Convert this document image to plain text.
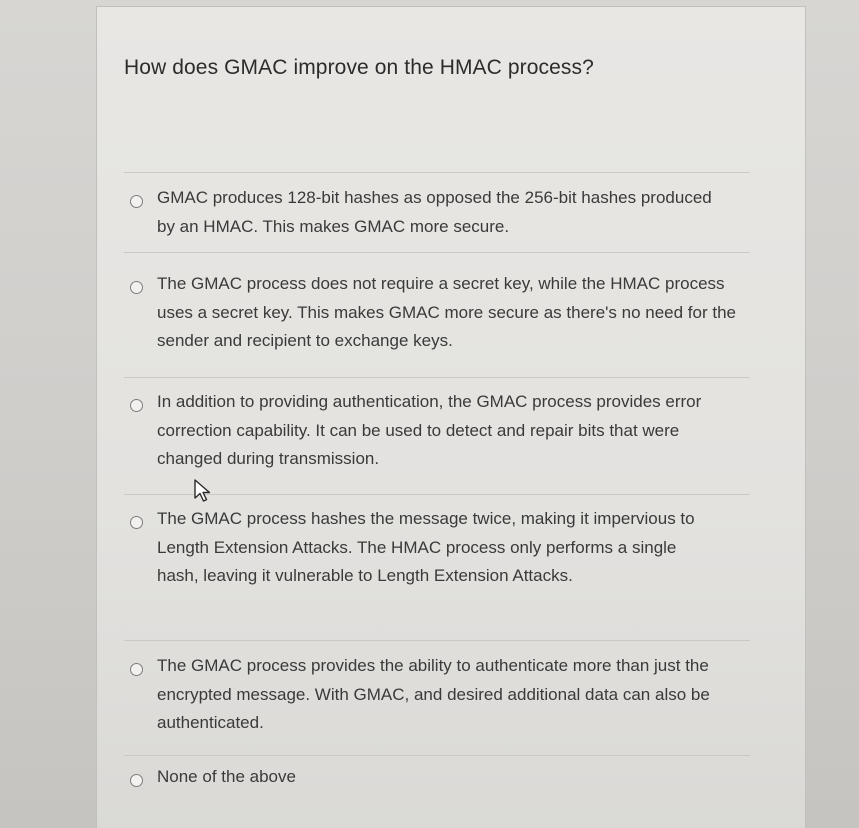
How does GMAC improve on the HMAC process?
GMAC produces 128-bit hashes as opposed the 256-bit hashes produced by an HMAC. This makes GMAC more secure.
The GMAC process does not require a secret key, while the HMAC process uses a secret key. This makes GMAC more secure as there's no need for the sender and recipient to exchange keys.
In addition to providing authentication, the GMAC process provides error correction capability. It can be used to detect and repair bits that were changed during transmission.
The GMAC process hashes the message twice, making it impervious to Length Extension Attacks. The HMAC process only performs a single hash, leaving it vulnerable to Length Extension Attacks.
The GMAC process provides the ability to authenticate more than just the encrypted message. With GMAC, and desired additional data can also be authenticated.
None of the above
